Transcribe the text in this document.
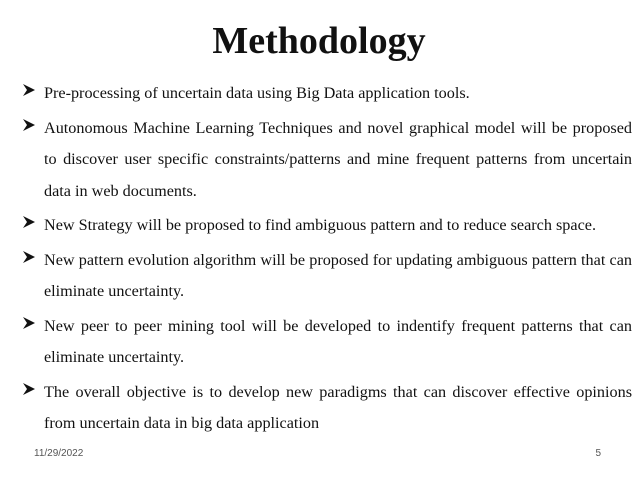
Methodology
Pre-processing of uncertain data using Big Data application tools.
Autonomous Machine Learning Techniques and novel graphical model will be proposed to discover user specific constraints/patterns and mine frequent patterns from uncertain data in web documents.
New Strategy will be proposed to find ambiguous pattern and to reduce search space.
New pattern evolution algorithm will be proposed for updating ambiguous pattern that can eliminate uncertainty.
New peer to peer mining tool will be developed to indentify frequent patterns that can eliminate uncertainty.
The overall objective is to develop new paradigms that can discover effective opinions from uncertain data in big data application
11/29/2022	5
